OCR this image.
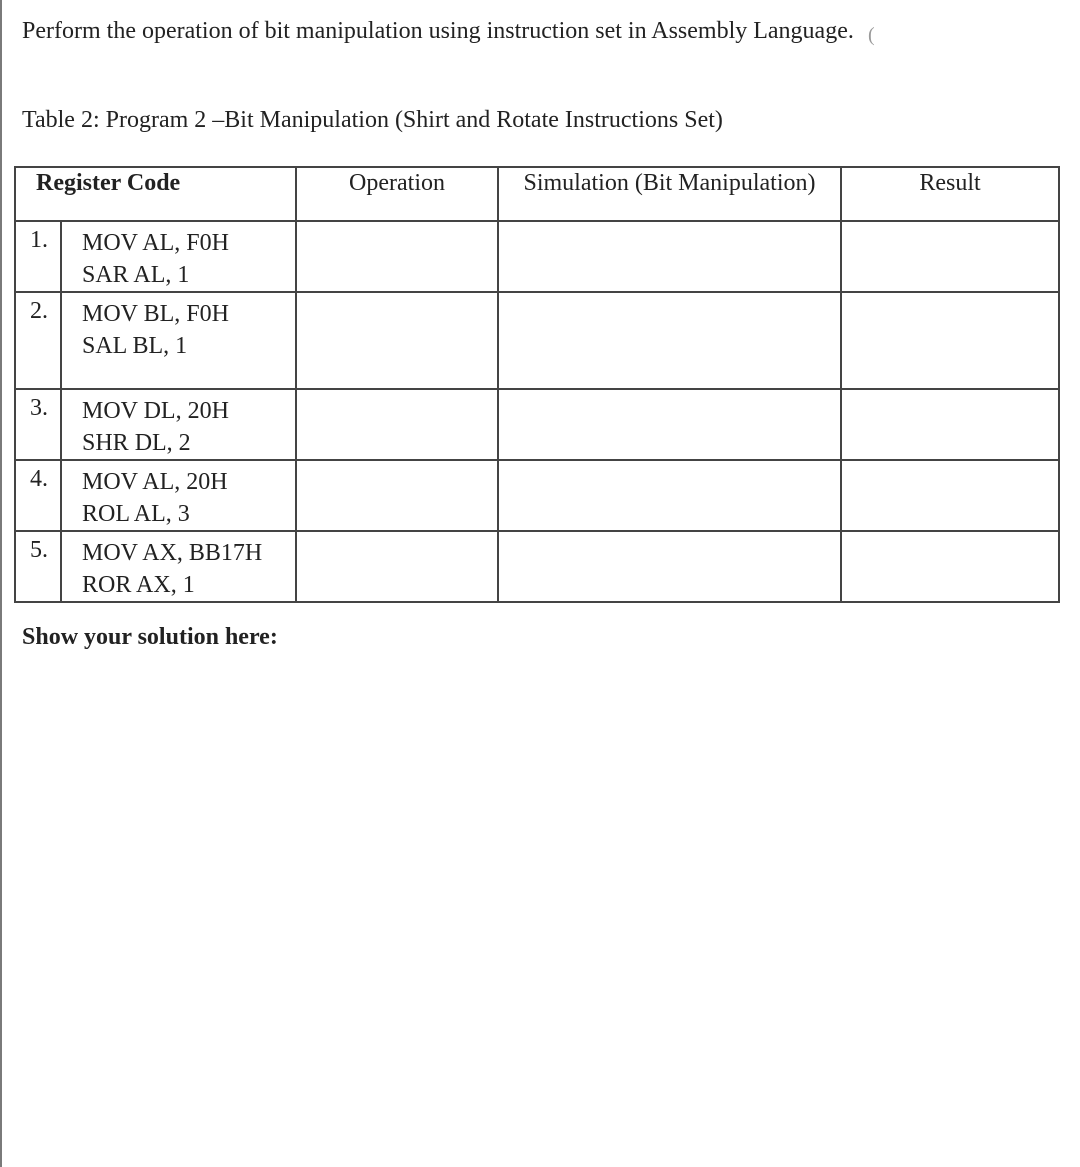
Perform the operation of bit manipulation using instruction set in Assembly Language. (
Table 2: Program 2 –Bit Manipulation (Shirt and Rotate Instructions Set)
Register Code		Operation	Simulation (Bit Manipulation)	Result
1.	MOV AL, F0H
SAR AL, 1			

2.	MOV BL, F0H
SAL BL, 1			

3.	MOV DL, 20H
SHR DL, 2			

4.	MOV AL, 20H
ROL AL, 3			

5.	MOV AX, BB17H
ROR AX, 1			

Show your solution here:
